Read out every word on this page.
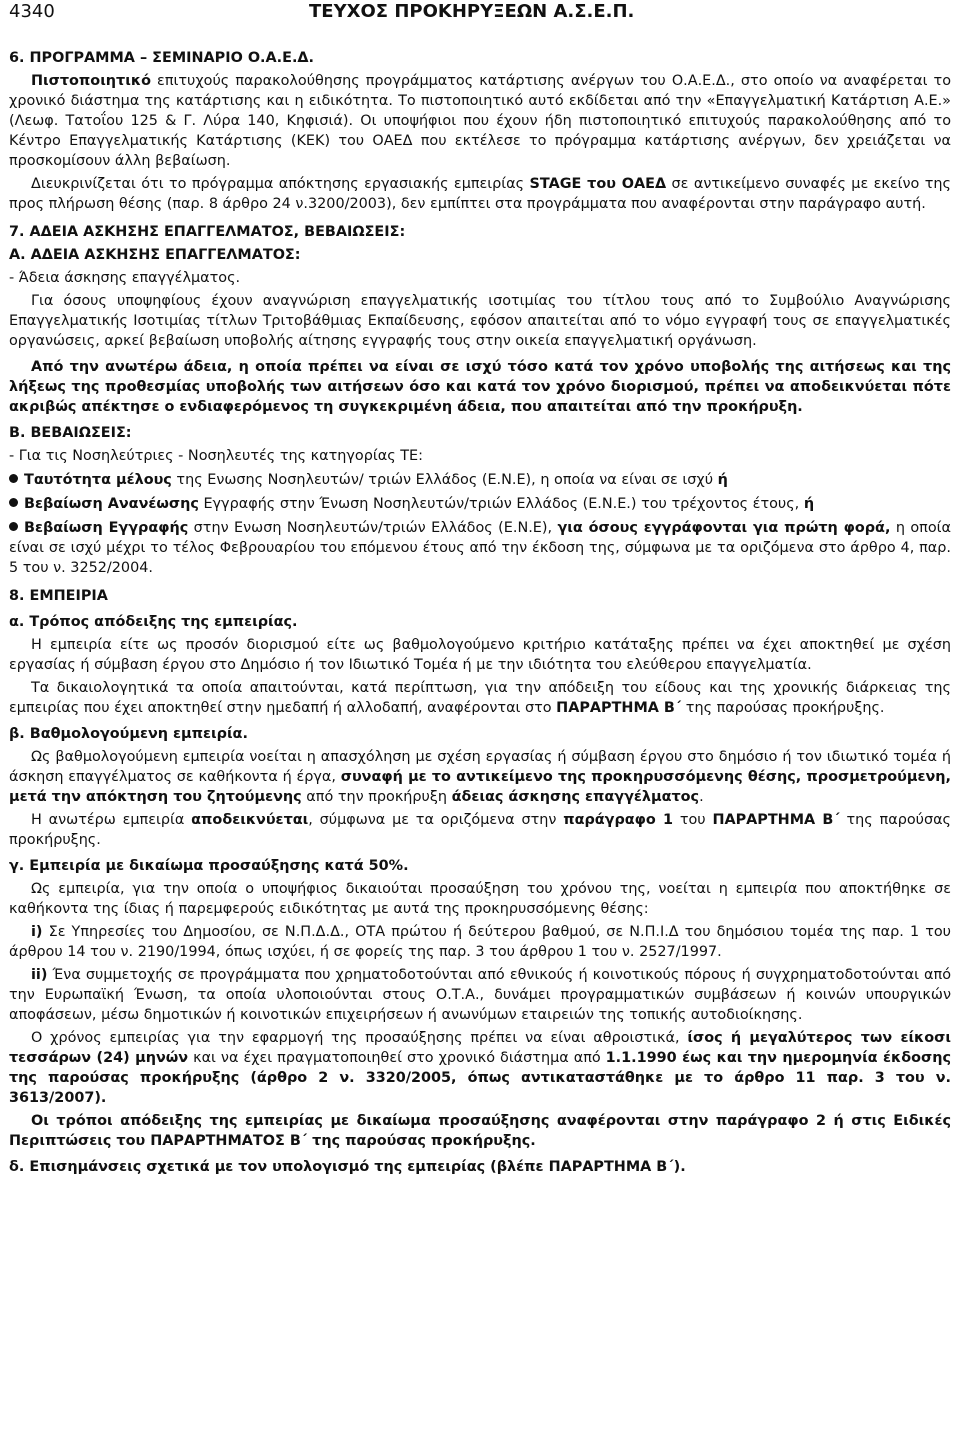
4340	ΤΕΥΧΟΣ ΠΡΟΚΗΡΥΞΕΩΝ Α.Σ.Ε.Π.

6. ΠΡΟΓΡΑΜΜΑ – ΣΕΜΙΝΑΡΙΟ Ο.Α.Ε.Δ.

Πιστοποιητικό επιτυχούς παρακολούθησης προγράμματος κατάρτισης ανέργων του Ο.Α.Ε.Δ., στο οποίο να αναφέρεται το χρονικό διάστημα της κατάρτισης και η ειδικότητα. Το πιστοποιητικό αυτό εκδίδεται από την «Επαγγελματική Κατάρτιση Α.Ε.» (Λεωφ. Τατοΐου 125 & Γ. Λύρα 140, Κηφισιά). Οι υποψήφιοι που έχουν ήδη πιστοποιητικό επιτυχούς παρακολούθησης από το Κέντρο Επαγγελματικής Κατάρτισης (ΚΕΚ) του ΟΑΕΔ που εκτέλεσε το πρόγραμμα κατάρτισης ανέργων, δεν χρειάζεται να προσκομίσουν άλλη βεβαίωση.

Διευκρινίζεται ότι το πρόγραμμα απόκτησης εργασιακής εμπειρίας STAGE του ΟΑΕΔ σε αντικείμενο συναφές με εκείνο της προς πλήρωση θέσης (παρ. 8 άρθρο 24 ν.3200/2003), δεν εμπίπτει στα προγράμματα που αναφέρονται στην παράγραφο αυτή.

7. ΑΔΕΙΑ ΑΣΚΗΣΗΣ ΕΠΑΓΓΕΛΜΑΤΟΣ, ΒΕΒΑΙΩΣΕΙΣ:

Α. ΑΔΕΙΑ ΑΣΚΗΣΗΣ ΕΠΑΓΓΕΛΜΑΤΟΣ:

- Άδεια άσκησης επαγγέλματος.

Για όσους υποψηφίους έχουν αναγνώριση επαγγελματικής ισοτιμίας του τίτλου τους από το Συμβούλιο Αναγνώρισης Επαγγελματικής Ισοτιμίας τίτλων Τριτοβάθμιας Εκπαίδευσης, εφόσον απαιτείται από το νόμο εγγραφή τους σε επαγγελματικές οργανώσεις, αρκεί βεβαίωση υποβολής αίτησης εγγραφής τους στην οικεία επαγγελματική οργάνωση.

Από την ανωτέρω άδεια, η οποία πρέπει να είναι σε ισχύ τόσο κατά τον χρόνο υποβολής της αιτήσεως και της λήξεως της προθεσμίας υποβολής των αιτήσεων όσο και κατά τον χρόνο διορισμού, πρέπει να αποδεικνύεται πότε ακριβώς απέκτησε ο ενδιαφερόμενος τη συγκεκριμένη άδεια, που απαιτείται από την προκήρυξη.

Β. ΒΕΒΑΙΩΣΕΙΣ:

- Για τις Νοσηλεύτριες - Νοσηλευτές της κατηγορίας ΤΕ:

Ταυτότητα μέλους της Ενωσης Νοσηλευτών/ τριών Ελλάδος (Ε.Ν.Ε), η οποία να είναι σε ισχύ ή

Βεβαίωση Ανανέωσης Εγγραφής στην Ένωση Νοσηλευτών/τριών Ελλάδος (Ε.Ν.Ε.) του τρέχοντος έτους, ή

Βεβαίωση Εγγραφής στην Ενωση Νοσηλευτών/τριών Ελλάδος (Ε.Ν.Ε), για όσους εγγράφονται για πρώτη φορά, η οποία είναι σε ισχύ μέχρι το τέλος Φεβρουαρίου του επόμενου έτους από την έκδοση της, σύμφωνα με τα οριζόμενα στο άρθρο 4, παρ. 5 του ν. 3252/2004.

8. ΕΜΠΕΙΡΙΑ

α. Τρόπος απόδειξης της εμπειρίας.

Η εμπειρία είτε ως προσόν διορισμού είτε ως βαθμολογούμενο κριτήριο κατάταξης πρέπει να έχει αποκτηθεί με σχέση εργασίας ή σύμβαση έργου στο Δημόσιο ή τον Ιδιωτικό Τομέα ή με την ιδιότητα του ελεύθερου επαγγελματία.

Τα δικαιολογητικά τα οποία απαιτούνται, κατά περίπτωση, για την απόδειξη του είδους και της χρονικής διάρκειας της εμπειρίας που έχει αποκτηθεί στην ημεδαπή ή αλλοδαπή, αναφέρονται στο ΠΑΡΑΡΤΗΜΑ Β΄ της παρούσας προκήρυξης.

β. Βαθμολογούμενη εμπειρία.

Ως βαθμολογούμενη εμπειρία νοείται η απασχόληση με σχέση εργασίας ή σύμβαση έργου στο δημόσιο ή τον ιδιωτικό τομέα ή άσκηση επαγγέλματος σε καθήκοντα ή έργα, συναφή με το αντικείμενο της προκηρυσσόμενης θέσης, προσμετρούμενη, μετά την απόκτηση του ζητούμενης από την προκήρυξη άδειας άσκησης επαγγέλματος.

Η ανωτέρω εμπειρία αποδεικνύεται, σύμφωνα με τα οριζόμενα στην παράγραφο 1 του ΠΑΡΑΡΤΗΜΑ Β΄ της παρούσας προκήρυξης.

γ. Εμπειρία με δικαίωμα προσαύξησης κατά 50%.

Ως εμπειρία, για την οποία ο υποψήφιος δικαιούται προσαύξηση του χρόνου της, νοείται η εμπειρία που αποκτήθηκε σε καθήκοντα της ίδιας ή παρεμφερούς ειδικότητας με αυτά της προκηρυσσόμενης θέσης:

i) Σε Υπηρεσίες του Δημοσίου, σε Ν.Π.Δ.Δ., ΟΤΑ πρώτου ή δεύτερου βαθμού, σε Ν.Π.Ι.Δ του δημόσιου τομέα της παρ. 1 του άρθρου 14 του ν. 2190/1994, όπως ισχύει, ή σε φορείς της παρ. 3 του άρθρου 1 του ν. 2527/1997.

ii) Ένα συμμετοχής σε προγράμματα που χρηματοδοτούνται από εθνικούς ή κοινοτικούς πόρους ή συγχρηματοδοτούνται από την Ευρωπαϊκή Ένωση, τα οποία υλοποιούνται στους Ο.Τ.Α., δυνάμει προγραμματικών συμβάσεων ή κοινών υπουργικών αποφάσεων, μέσω δημοτικών ή κοινοτικών επιχειρήσεων ή ανωνύμων εταιρειών της τοπικής αυτοδιοίκησης.

Ο χρόνος εμπειρίας για την εφαρμογή της προσαύξησης πρέπει να είναι αθροιστικά, ίσος ή μεγαλύτερος των είκοσι τεσσάρων (24) μηνών και να έχει πραγματοποιηθεί στο χρονικό διάστημα από 1.1.1990 έως και την ημερομηνία έκδοσης της παρούσας προκήρυξης (άρθρο 2 ν. 3320/2005, όπως αντικαταστάθηκε με το άρθρο 11 παρ. 3 του ν. 3613/2007).

Οι τρόποι απόδειξης της εμπειρίας με δικαίωμα προσαύξησης αναφέρονται στην παράγραφο 2 ή στις Ειδικές Περιπτώσεις του ΠΑΡΑΡΤΗΜΑΤΟΣ Β΄ της παρούσας προκήρυξης.

δ. Επισημάνσεις σχετικά με τον υπολογισμό της εμπειρίας (βλέπε ΠΑΡΑΡΤΗΜΑ Β΄).
